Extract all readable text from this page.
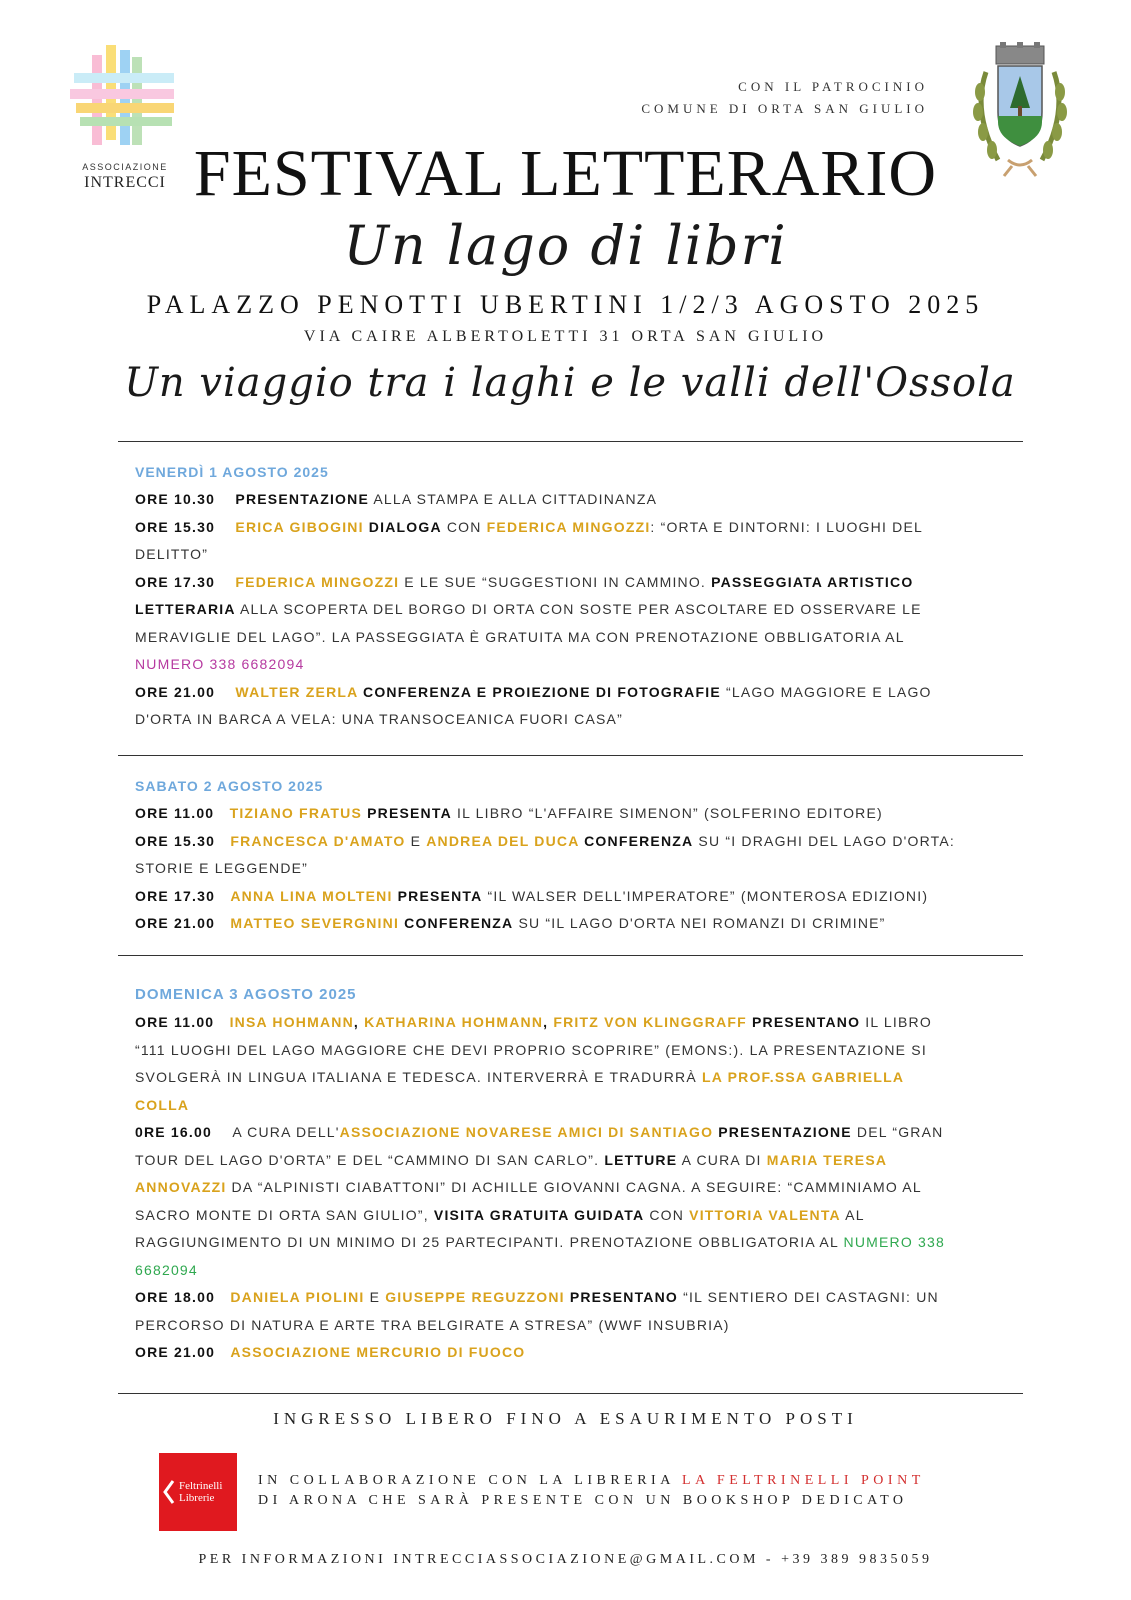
ASSOCIAZIONE
INTRECCI
CON IL PATROCINIO
COMUNE DI ORTA SAN GIULIO
FESTIVAL LETTERARIO
Un lago di libri
PALAZZO PENOTTI UBERTINI 1/2/3 AGOSTO 2025
VIA CAIRE ALBERTOLETTI 31 ORTA SAN GIULIO
Un viaggio tra i laghi e le valli dell'Ossola
VENERDÌ 1 AGOSTO 2025

ORE 10.30 PRESENTAZIONE ALLA STAMPA E ALLA CITTADINANZA

ORE 15.30 ERICA GIBOGINI DIALOGA CON FEDERICA MINGOZZI: “ORTA E DINTORNI: I LUOGHI DEL

DELITTO”

ORE 17.30 FEDERICA MINGOZZI E LE SUE “SUGGESTIONI IN CAMMINO. PASSEGGIATA ARTISTICO

LETTERARIA ALLA SCOPERTA DEL BORGO DI ORTA CON SOSTE PER ASCOLTARE ED OSSERVARE LE

MERAVIGLIE DEL LAGO”. LA PASSEGGIATA È GRATUITA MA CON PRENOTAZIONE OBBLIGATORIA AL

NUMERO 338 6682094

ORE 21.00 WALTER ZERLA CONFERENZA E PROIEZIONE DI FOTOGRAFIE “LAGO MAGGIORE E LAGO

D'ORTA IN BARCA A VELA: UNA TRANSOCEANICA FUORI CASA”

SABATO 2 AGOSTO 2025

ORE 11.00 TIZIANO FRATUS PRESENTA IL LIBRO “L'AFFAIRE SIMENON” (SOLFERINO EDITORE)

ORE 15.30 FRANCESCA D'AMATO E ANDREA DEL DUCA CONFERENZA SU “I DRAGHI DEL LAGO D'ORTA:

STORIE E LEGGENDE”

ORE 17.30 ANNA LINA MOLTENI PRESENTA “IL WALSER DELL'IMPERATORE” (MONTEROSA EDIZIONI)

ORE 21.00 MATTEO SEVERGNINI CONFERENZA SU “IL LAGO D'ORTA NEI ROMANZI DI CRIMINE”

DOMENICA 3 AGOSTO 2025

ORE 11.00 INSA HOHMANN, KATHARINA HOHMANN, FRITZ VON KLINGGRAFF PRESENTANO IL LIBRO

“111 LUOGHI DEL LAGO MAGGIORE CHE DEVI PROPRIO SCOPRIRE” (EMONS:). LA PRESENTAZIONE SI

SVOLGERÀ IN LINGUA ITALIANA E TEDESCA. INTERVERRÀ E TRADURRÀ LA PROF.SSA GABRIELLA

COLLA

0RE 16.00 A CURA DELL'ASSOCIAZIONE NOVARESE AMICI DI SANTIAGO PRESENTAZIONE DEL “GRAN

TOUR DEL LAGO D'ORTA” E DEL “CAMMINO DI SAN CARLO”. LETTURE A CURA DI MARIA TERESA

ANNOVAZZI DA “ALPINISTI CIABATTONI” DI ACHILLE GIOVANNI CAGNA. A SEGUIRE: “CAMMINIAMO AL

SACRO MONTE DI ORTA SAN GIULIO”, VISITA GRATUITA GUIDATA CON VITTORIA VALENTA AL

RAGGIUNGIMENTO DI UN MINIMO DI 25 PARTECIPANTI. PRENOTAZIONE OBBLIGATORIA AL NUMERO 338

6682094

ORE 18.00 DANIELA PIOLINI E GIUSEPPE REGUZZONI PRESENTANO “IL SENTIERO DEI CASTAGNI: UN

PERCORSO DI NATURA E ARTE TRA BELGIRATE A STRESA” (WWF INSUBRIA)

ORE 21.00 ASSOCIAZIONE MERCURIO DI FUOCO

INGRESSO LIBERO FINO A ESAURIMENTO POSTI
Feltrinelli
Librerie
IN COLLABORAZIONE CON LA LIBRERIA LA FELTRINELLI POINT
DI ARONA CHE SARÀ PRESENTE CON UN BOOKSHOP DEDICATO
PER INFORMAZIONI INTRECCIASSOCIAZIONE@GMAIL.COM - +39 389 9835059
